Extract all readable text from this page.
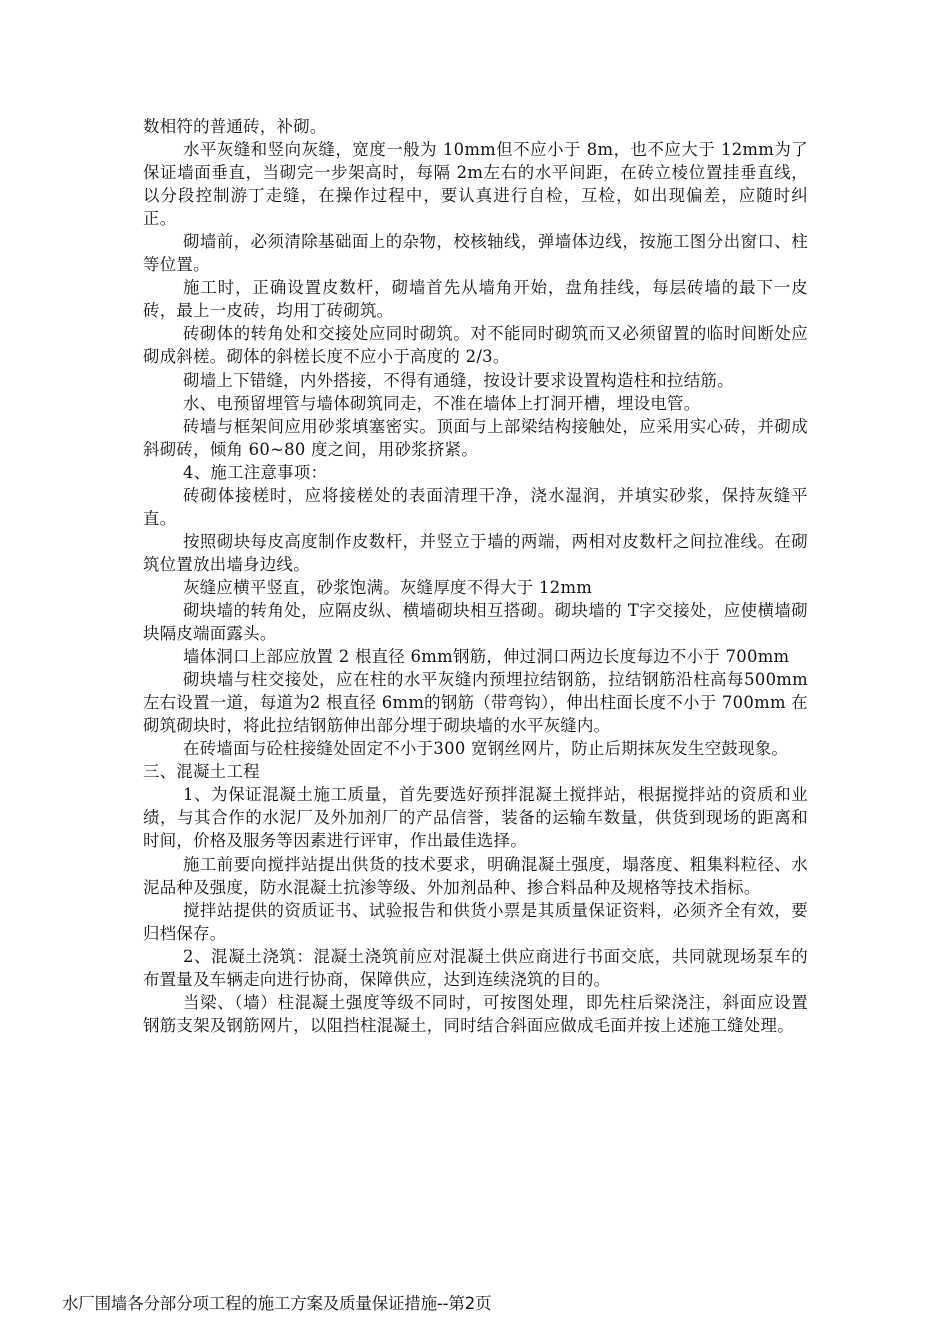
数相符的普通砖，补砌。

水平灰缝和竖向灰缝，宽度一般为 10mm但不应小于 8m，也不应大于 12mm为了保证墙面垂直，当砌完一步架高时，每隔 2m左右的水平间距，在砖立棱位置挂垂直线，以分段控制游丁走缝，在操作过程中，要认真进行自检，互检，如出现偏差，应随时纠正。

砌墙前，必须清除基础面上的杂物，校核轴线，弹墙体边线，按施工图分出窗口、柱等位置。

施工时，正确设置皮数杆，砌墙首先从墙角开始，盘角挂线，每层砖墙的最下一皮砖，最上一皮砖，均用丁砖砌筑。

砖砌体的转角处和交接处应同时砌筑。对不能同时砌筑而又必须留置的临时间断处应砌成斜槎。砌体的斜槎长度不应小于高度的 2/3。

砌墙上下错缝，内外搭接，不得有通缝，按设计要求设置构造柱和拉结筋。

水、电预留埋管与墙体砌筑同走，不准在墙体上打洞开槽，埋设电管。

砖墙与框架间应用砂浆填塞密实。顶面与上部梁结构接触处，应采用实心砖，并砌成斜砌砖，倾角 60~80 度之间，用砂浆挤紧。

4、施工注意事项：

砖砌体接槎时，应将接槎处的表面清理干净，浇水湿润，并填实砂浆，保持灰缝平直。

按照砌块每皮高度制作皮数杆，并竖立于墙的两端，两相对皮数杆之间拉准线。在砌筑位置放出墙身边线。

灰缝应横平竖直，砂浆饱满。灰缝厚度不得大于 12mm

砌块墙的转角处，应隔皮纵、横墙砌块相互搭砌。砌块墙的 T字交接处，应使横墙砌块隔皮端面露头。

墙体洞口上部应放置 2 根直径 6mm钢筋，伸过洞口两边长度每边不小于 700mm

砌块墙与柱交接处，应在柱的水平灰缝内预埋拉结钢筋，拉结钢筋沿柱高每500mm左右设置一道，每道为2 根直径 6mm的钢筋（带弯钩），伸出柱面长度不小于 700mm 在砌筑砌块时，将此拉结钢筋伸出部分埋于砌块墙的水平灰缝内。

在砖墙面与砼柱接缝处固定不小于300 宽钢丝网片，防止后期抹灰发生空鼓现象。

三、混凝土工程

1、为保证混凝土施工质量，首先要选好预拌混凝土搅拌站，根据搅拌站的资质和业绩，与其合作的水泥厂及外加剂厂的产品信誉，装备的运输车数量，供货到现场的距离和时间，价格及服务等因素进行评审，作出最佳选择。

施工前要向搅拌站提出供货的技术要求，明确混凝土强度，塌落度、粗集料粒径、水泥品种及强度，防水混凝土抗渗等级、外加剂品种、掺合料品种及规格等技术指标。

搅拌站提供的资质证书、试验报告和供货小票是其质量保证资料，必须齐全有效，要归档保存。

2、混凝土浇筑：混凝土浇筑前应对混凝土供应商进行书面交底，共同就现场泵车的布置量及车辆走向进行协商，保障供应，达到连续浇筑的目的。

当梁、（墙）柱混凝土强度等级不同时，可按图处理，即先柱后梁浇注，斜面应设置钢筋支架及钢筋网片，以阻挡柱混凝土，同时结合斜面应做成毛面并按上述施工缝处理。

水厂围墙各分部分项工程的施工方案及质量保证措施--第2页
